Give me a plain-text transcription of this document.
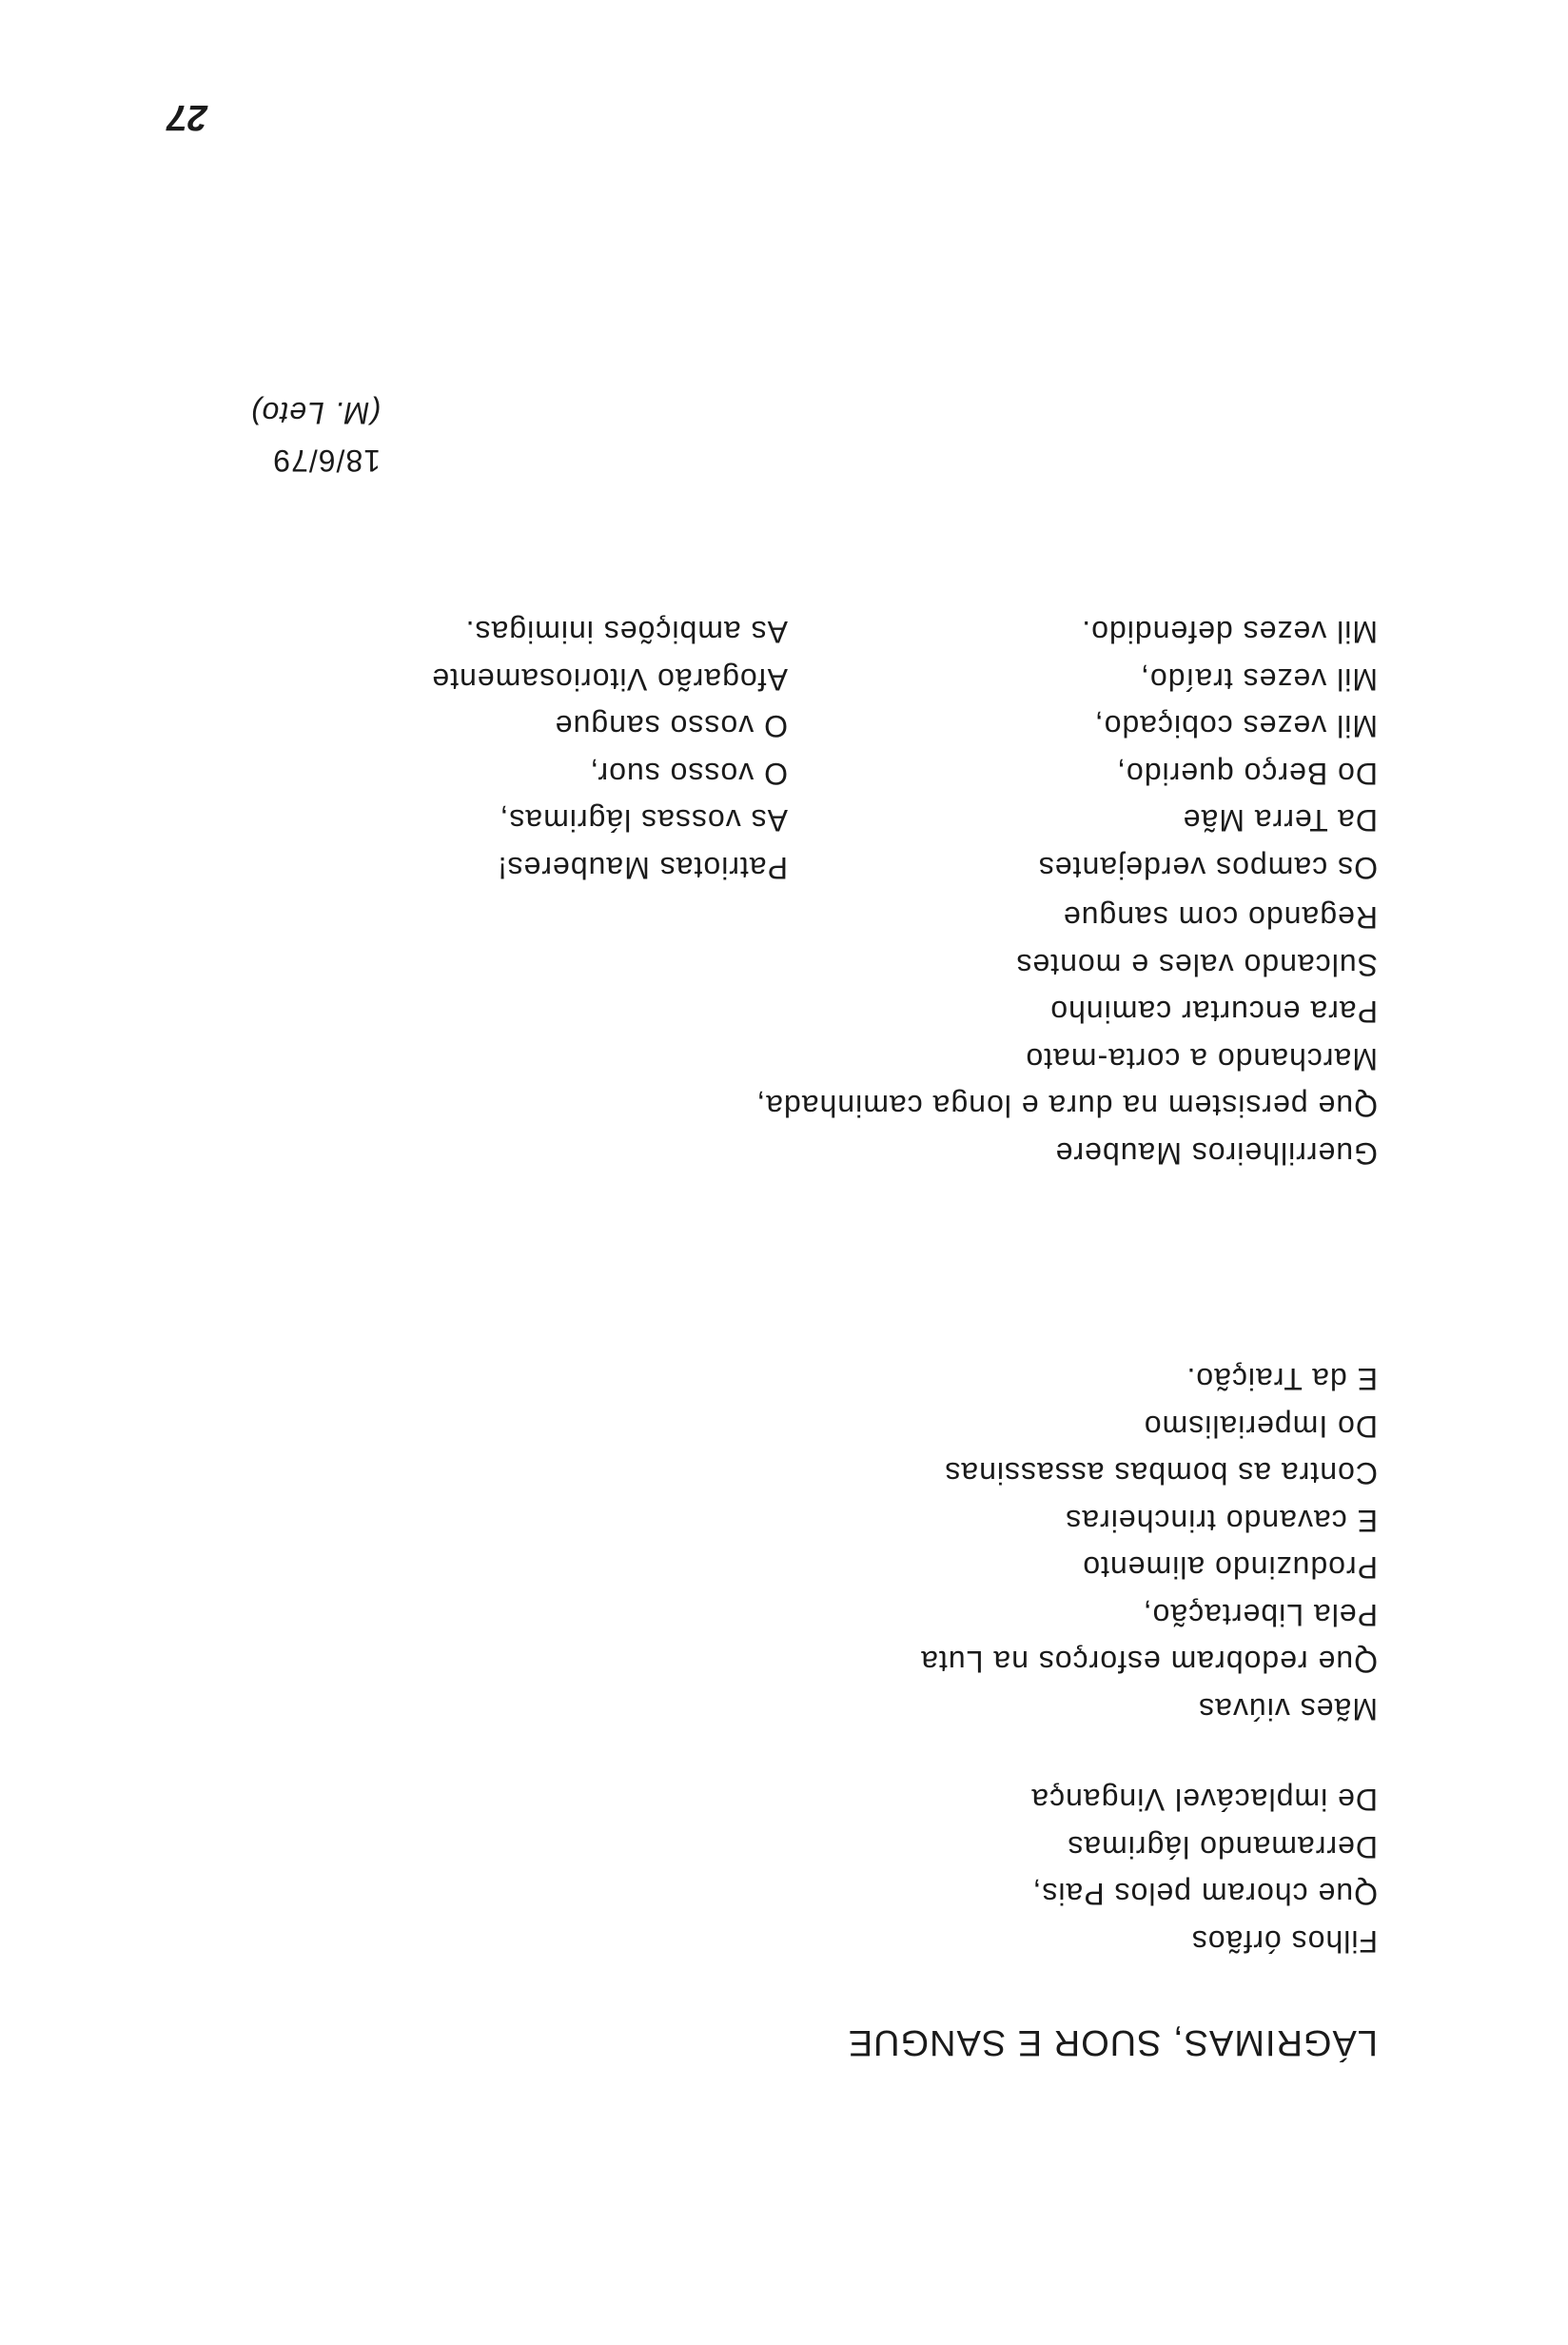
LÁGRIMAS, SUOR E SANGUE
Filhos órfãos
Que choram pelos Pais,
Derramando lágrimas
De implacável Vingança
Mães viúvas
Que redobram esforços na Luta
Pela Libertação,
Produzindo alimento
E cavando trincheiras
Contra as bombas assassinas
Do Imperialismo
E da Traição.
Guerrilheiros Maubere
Que persistem na dura e longa caminhada,
Marchando a corta-mato
Para encurtar caminho
Sulcando vales e montes
Regando com sangue
Os campos verdejantes
Da Terra Mãe
Do Berço querido,
Mil vezes cobiçado,
Mil vezes traído,
Mil vezes defendido.
Patriotas Mauberes!
As vossas lágrimas,
O vosso suor,
O vosso sangue
Afogarão Vitoriosamente
As ambições inimigas.
18/6/79
(M. Leto)
27
